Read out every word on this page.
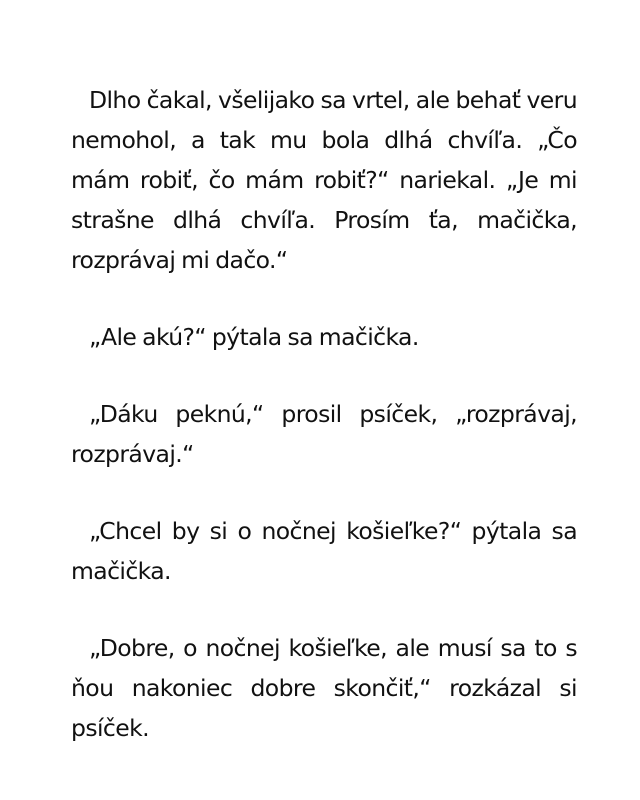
Dlho čakal, všelijako sa vrtel, ale behať veru nemohol, a tak mu bola dlhá chvíľa. „Čo mám robiť, čo mám robiť?“ nariekal. „Je mi strašne dlhá chvíľa. Prosím ťa, mačička, rozprávaj mi dačo.“

„Ale akú?“ pýtala sa mačička.

„Dáku peknú,“ prosil psíček, „rozprávaj, rozprávaj.“

„Chcel by si o nočnej košieľke?“ pýtala sa mačička.

„Dobre, o nočnej košieľke, ale musí sa to s ňou nakoniec dobre skončiť,“ rozkázal si psíček.
